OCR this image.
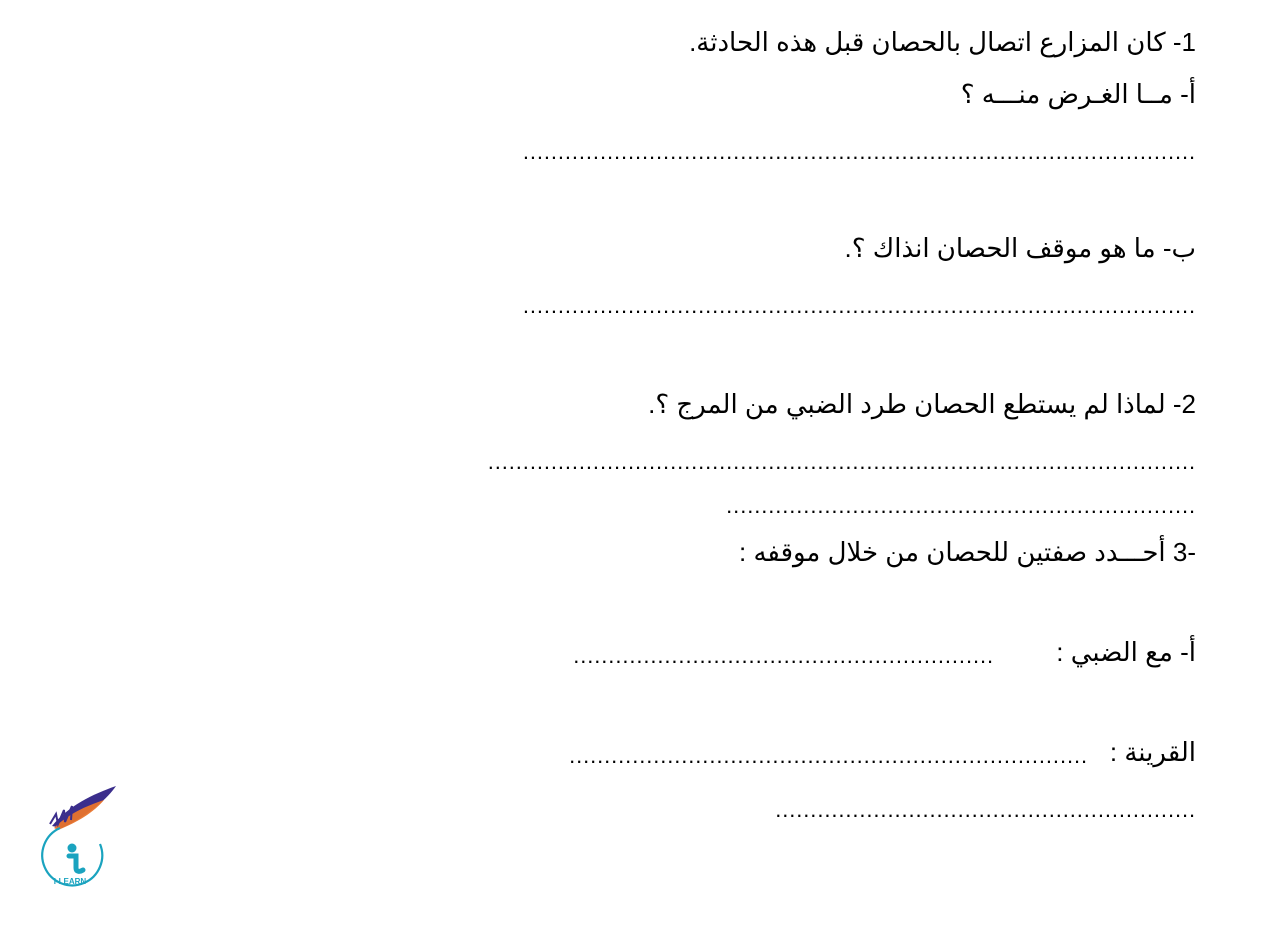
1- كان المزارع اتصال بالحصان قبل هذه الحادثة.
أ- مــا الغـرض منـــه ؟
................................................................................................
ب- ما هو موقف الحصان انذاك ؟.
................................................................................................
2- لماذا لم يستطع الحصان طرد الضبي من المرج ؟.
.....................................................................................................
...................................................................
-3 أحـــدد صفتين للحصان من خلال موقفه :
أ- مع الضبي :
............................................................
القرينة :
..........................................................................
............................................................
I-LEARN
